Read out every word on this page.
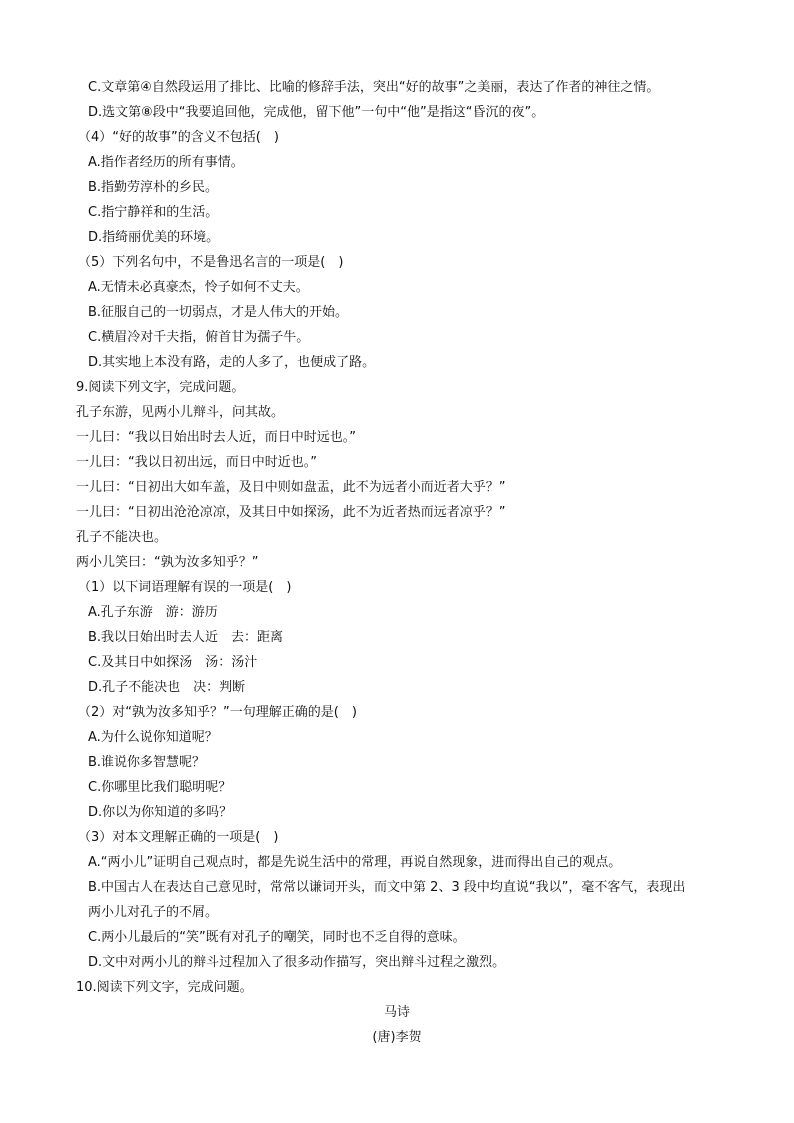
C.文章第④自然段运用了排比、比喻的修辞手法，突出“好的故事”之美丽，表达了作者的神往之情。
D.选文第⑧段中“我要追回他，完成他，留下他”一句中“他”是指这“昏沉的夜”。
（4）“好的故事”的含义不包括(　)
A.指作者经历的所有事情。
B.指勤劳淳朴的乡民。
C.指宁静祥和的生活。
D.指绮丽优美的环境。
（5）下列名句中，不是鲁迅名言的一项是(　)
A.无情未必真豪杰，怜子如何不丈夫。
B.征服自己的一切弱点，才是人伟大的开始。
C.横眉冷对千夫指，俯首甘为孺子牛。
D.其实地上本没有路，走的人多了，也便成了路。
9.阅读下列文字，完成问题。
孔子东游，见两小儿辩斗，问其故。
一儿曰：“我以日始出时去人近，而日中时远也。”
一儿曰：“我以日初出远，而日中时近也。”
一儿曰：“日初出大如车盖，及日中则如盘盂，此不为远者小而近者大乎？”
一儿曰：“日初出沧沧凉凉，及其日中如探汤，此不为近者热而远者凉乎？”
孔子不能决也。
两小儿笑曰：“孰为汝多知乎？”
（1）以下词语理解有误的一项是(　)
A.孔子东游　游：游历
B.我以日始出时去人近　去：距离
C.及其日中如探汤　汤：汤汁
D.孔子不能决也　决：判断
（2）对“孰为汝多知乎？”一句理解正确的是(　)
A.为什么说你知道呢？
B.谁说你多智慧呢？
C.你哪里比我们聪明呢？
D.你以为你知道的多吗？
（3）对本文理解正确的一项是(　)
A.“两小儿”证明自己观点时，都是先说生活中的常理，再说自然现象，进而得出自己的观点。
B.中国古人在表达自己意见时，常常以谦词开头，而文中第 2、3 段中均直说“我以”，毫不客气，表现出
两小儿对孔子的不屑。
C.两小儿最后的“笑”既有对孔子的嘲笑，同时也不乏自得的意味。
D.文中对两小儿的辩斗过程加入了很多动作描写，突出辩斗过程之激烈。
10.阅读下列文字，完成问题。
马诗
(唐)李贺
